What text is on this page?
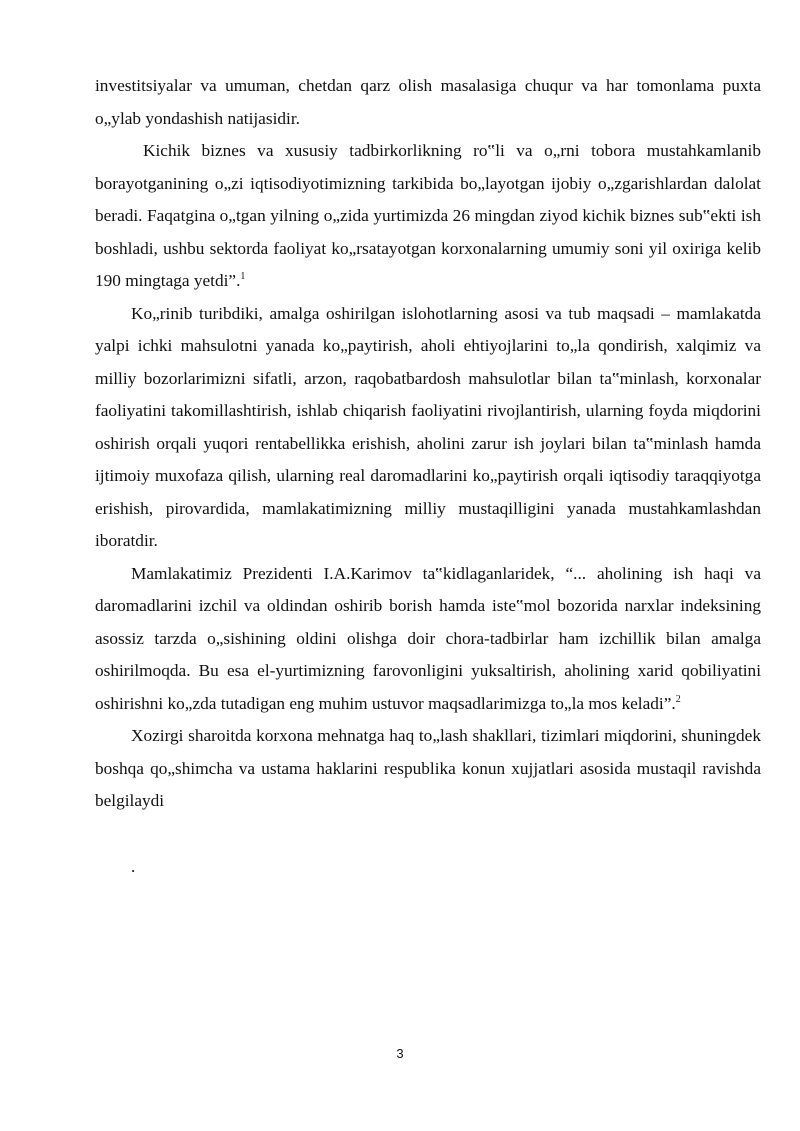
investitsiyalar va umuman, chetdan qarz olish masalasiga chuqur va har tomonlama puxta o„ylab yondashish natijasidir.

Kichik biznes va xususiy tadbirkorlikning ro‟li va o„rni tobora mustahkamlanib borayotganining o„zi iqtisodiyotimizning tarkibida bo„layotgan ijobiy o„zgarishlardan dalolat beradi. Faqatgina o„tgan yilning o„zida yurtimizda 26 mingdan ziyod kichik biznes sub‟ekti ish boshladi, ushbu sektorda faoliyat ko„rsatayotgan korxonalarning umumiy soni yil oxiriga kelib 190 mingtaga yetdi”.$^1$

Ko„rinib turibdiki, amalga oshirilgan islohotlarning asosi va tub maqsadi – mamlakatda yalpi ichki mahsulotni yanada ko„paytirish, aholi ehtiyojlarini to„la qondirish, xalqimiz va milliy bozorlarimizni sifatli, arzon, raqobatbardosh mahsulotlar bilan ta‟minlash, korxonalar faoliyatini takomillashtirish, ishlab chiqarish faoliyatini rivojlantirish, ularning foyda miqdorini oshirish orqali yuqori rentabellikka erishish, aholini zarur ish joylari bilan ta‟minlash hamda ijtimoiy muxofaza qilish, ularning real daromadlarini ko„paytirish orqali iqtisodiy taraqqiyotga erishish, pirovardida, mamlakatimizning milliy mustaqilligini yanada mustahkamlashdan iboratdir.

Mamlakatimiz Prezidenti I.A.Karimov ta‟kidlaganlaridek, “... aholining ish haqi va daromadlarini izchil va oldindan oshirib borish hamda iste‟mol bozorida narxlar indeksining asossiz tarzda o„sishining oldini olishga doir chora-tadbirlar ham izchillik bilan amalga oshirilmoqda. Bu esa el-yurtimizning farovonligini yuksaltirish, aholining xarid qobiliyatini oshirishni ko„zda tutadigan eng muhim ustuvor maqsadlarimizga to„la mos keladi”.$^2$

Xozirgi sharoitda korxona mehnatga haq to„lash shakllari, tizimlari miqdorini, shuningdek boshqa qo„shimcha va ustama haklarini respublika konun xujjatlari asosida mustaqil ravishda belgilaydi

.
3
